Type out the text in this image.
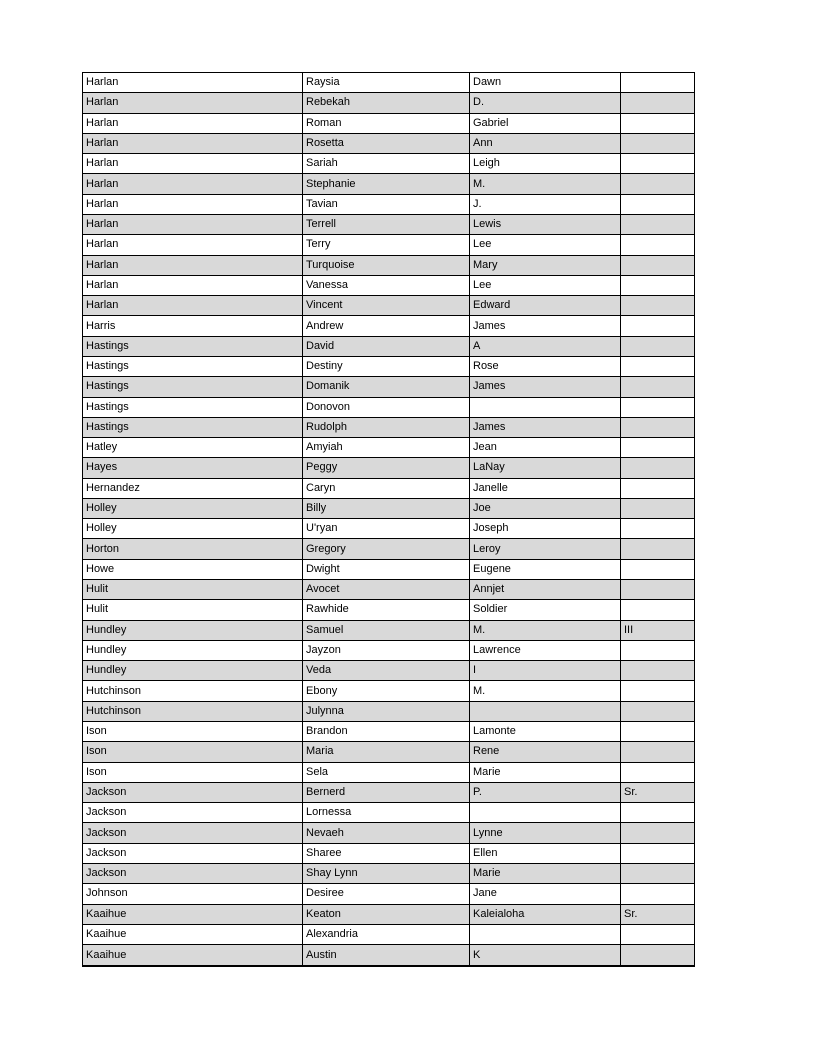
Harlan	Raysia	Dawn	
Harlan	Rebekah	D.	
Harlan	Roman	Gabriel	
Harlan	Rosetta	Ann	
Harlan	Sariah	Leigh	
Harlan	Stephanie	M.	
Harlan	Tavian	J.	
Harlan	Terrell	Lewis	
Harlan	Terry	Lee	
Harlan	Turquoise	Mary	
Harlan	Vanessa	Lee	
Harlan	Vincent	Edward	
Harris	Andrew	James	
Hastings	David	A	
Hastings	Destiny	Rose	
Hastings	Domanik	James	
Hastings	Donovon		
Hastings	Rudolph	James	
Hatley	Amyiah	Jean	
Hayes	Peggy	LaNay	
Hernandez	Caryn	Janelle	
Holley	Billy	Joe	
Holley	U'ryan	Joseph	
Horton	Gregory	Leroy	
Howe	Dwight	Eugene	
Hulit	Avocet	Annjet	
Hulit	Rawhide	Soldier	
Hundley	Samuel	M.	III
Hundley	Jayzon	Lawrence	
Hundley	Veda	I	
Hutchinson	Ebony	M.	
Hutchinson	Julynna		
Ison	Brandon	Lamonte	
Ison	Maria	Rene	
Ison	Sela	Marie	
Jackson	Bernerd	P.	Sr.
Jackson	Lornessa		
Jackson	Nevaeh	Lynne	
Jackson	Sharee	Ellen	
Jackson	Shay Lynn	Marie	
Johnson	Desiree	Jane	
Kaaihue	Keaton	Kaleialoha	Sr.
Kaaihue	Alexandria		
Kaaihue	Austin	K	
